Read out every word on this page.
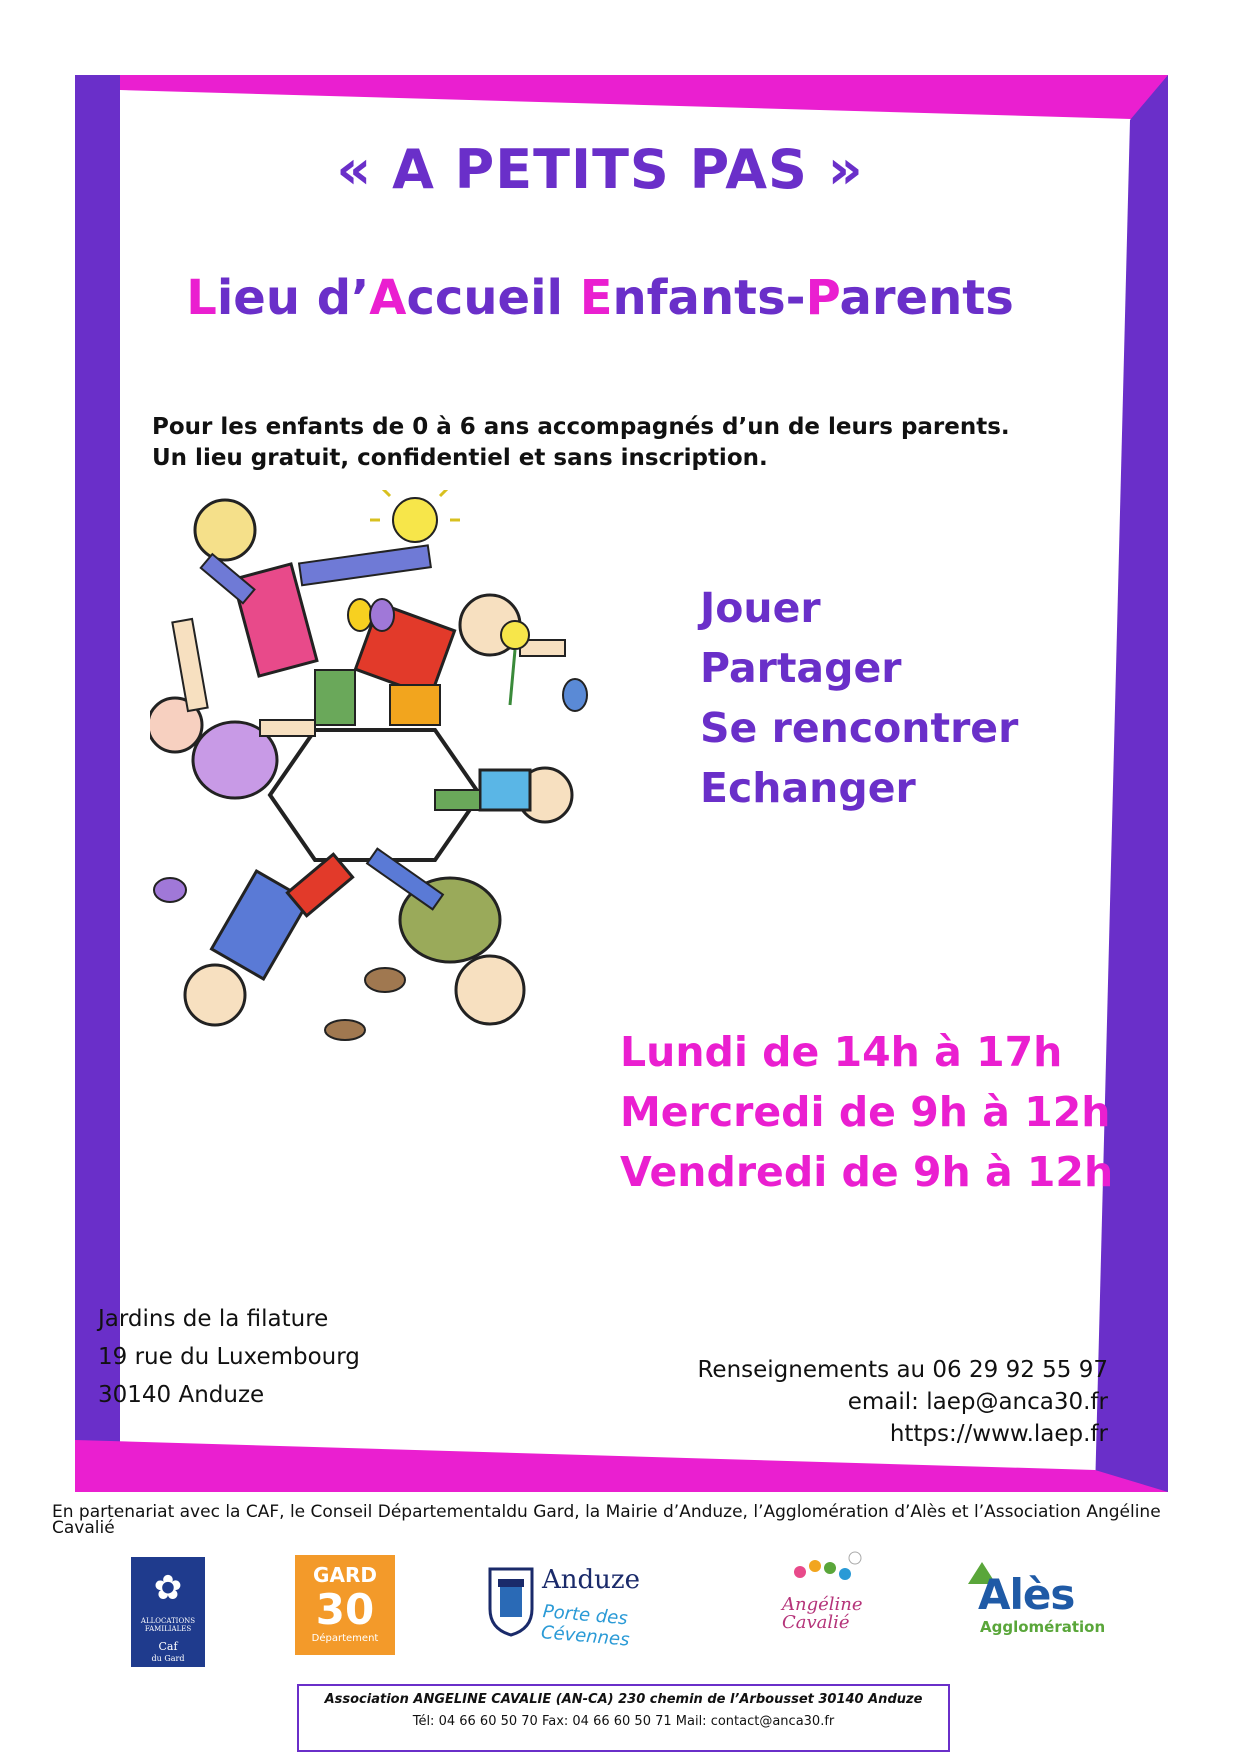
« A PETITS PAS »
Lieu d’Accueil Enfants-Parents
Pour les enfants de 0 à 6 ans accompagnés d’un de leurs parents.
Un lieu gratuit, confidentiel et sans inscription.
Jouer
Partager
Se rencontrer
Echanger
Lundi de 14h à 17h
Mercredi de 9h à 12h
Vendredi de 9h à 12h
Jardins de la filature
19 rue du Luxembourg
30140 Anduze
Renseignements au 06 29 92 55 97
email: laep@anca30.fr
https://www.laep.fr
En partenariat avec la CAF, le Conseil Départementaldu Gard, la Mairie d’Anduze, l’Agglomération d’Alès et l’Association Angéline Cavalié
✿
ALLOCATIONS FAMILIALES
Caf
du Gard
GARD
30
Département
Anduze
Porte des Cévennes
Angéline
Cavalié
Alès
Agglomération
Association ANGELINE CAVALIE (AN-CA) 230 chemin de l’Arbousset 30140 Anduze
Tél: 04 66 60 50 70 Fax: 04 66 60 50 71 Mail: contact@anca30.fr
